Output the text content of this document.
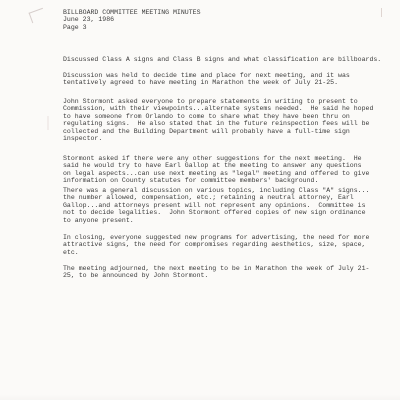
BILLBOARD COMMITTEE MEETING MINUTES
June 23, 1986
Page 3
Discussed Class A signs and Class B signs and what classification are billboards.
Discussion was held to decide time and place for next meeting, and it was
tentatively agreed to have meeting in Marathon the week of July 21-25.
John Stormont asked everyone to prepare statements in writing to present to
Commission, with their viewpoints...alternate systems needed.  He said he hoped
to have someone from Orlando to come to share what they have been thru on
regulating signs.  He also stated that in the future reinspection fees will be
collected and the Building Department will probably have a full-time sign
inspector.
Stormont asked if there were any other suggestions for the next meeting.  He
said he would try to have Earl Gallop at the meeting to answer any questions
on legal aspects...can use next meeting as "legal" meeting and offered to give
information on County statutes for committee members' background.
There was a general discussion on various topics, including Class "A" signs...
the number allowed, compensation, etc.; retaining a neutral attorney, Earl
Gallop...and attorneys present will not represent any opinions.  Committee is
not to decide legalities.  John Stormont offered copies of new sign ordinance
to anyone present.
In closing, everyone suggested new programs for advertising, the need for more
attractive signs, the need for compromises regarding aesthetics, size, space,
etc.
The meeting adjourned, the next meeting to be in Marathon the week of July 21-
25, to be announced by John Stormont.
